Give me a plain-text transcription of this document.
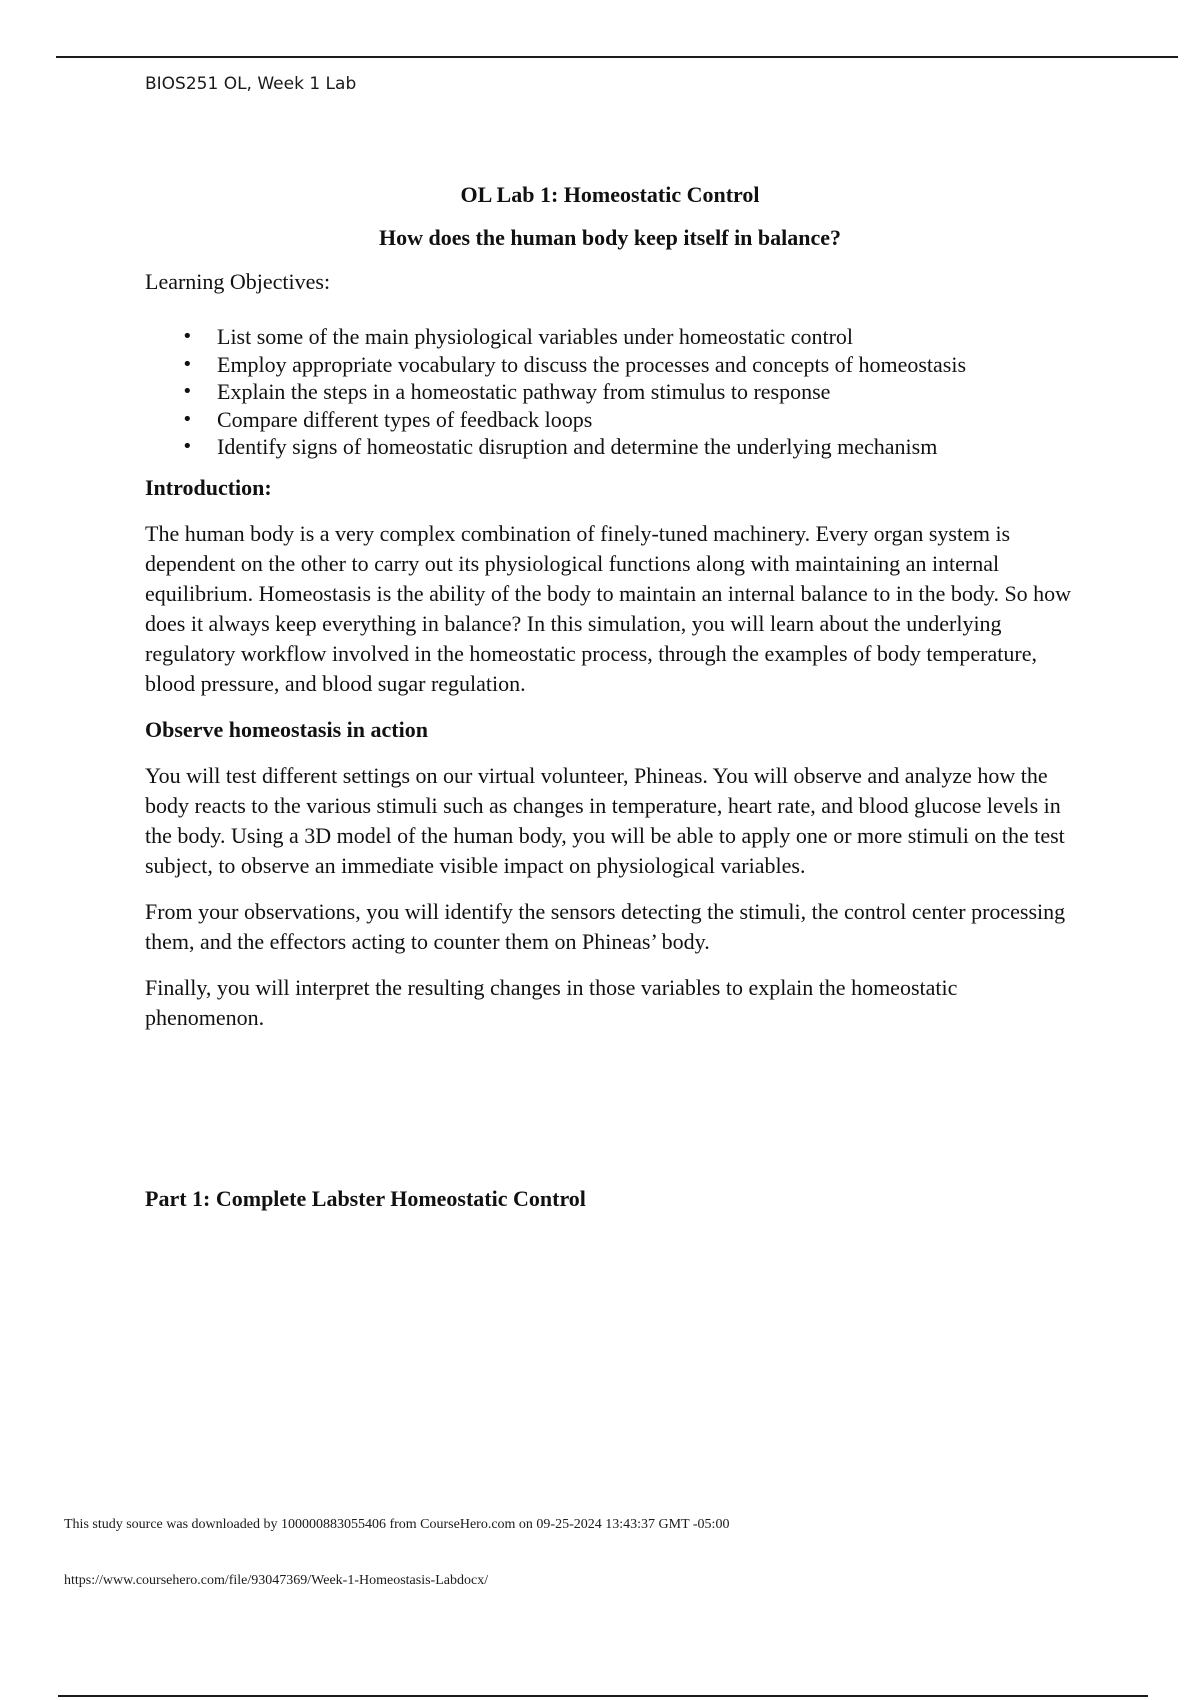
BIOS251 OL, Week 1 Lab
OL Lab 1: Homeostatic Control
How does the human body keep itself in balance?
Learning Objectives:
• List some of the main physiological variables under homeostatic control
• Employ appropriate vocabulary to discuss the processes and concepts of homeostasis
• Explain the steps in a homeostatic pathway from stimulus to response
• Compare different types of feedback loops
• Identify signs of homeostatic disruption and determine the underlying mechanism
Introduction:

The human body is a very complex combination of finely-tuned machinery. Every organ system is dependent on the other to carry out its physiological functions along with maintaining an internal equilibrium. Homeostasis is the ability of the body to maintain an internal balance to in the body. So how does it always keep everything in balance? In this simulation, you will learn about the underlying regulatory workflow involved in the homeostatic process, through the examples of body temperature, blood pressure, and blood sugar regulation.

Observe homeostasis in action

You will test different settings on our virtual volunteer, Phineas. You will observe and analyze how the body reacts to the various stimuli such as changes in temperature, heart rate, and blood glucose levels in the body. Using a 3D model of the human body, you will be able to apply one or more stimuli on the test subject, to observe an immediate visible impact on physiological variables.

From your observations, you will identify the sensors detecting the stimuli, the control center processing them, and the effectors acting to counter them on Phineas’ body.

Finally, you will interpret the resulting changes in those variables to explain the homeostatic phenomenon.

Part 1: Complete Labster Homeostatic Control
This study source was downloaded by 100000883055406 from CourseHero.com on 09-25-2024 13:43:37 GMT -05:00
https://www.coursehero.com/file/93047369/Week-1-Homeostasis-Labdocx/
